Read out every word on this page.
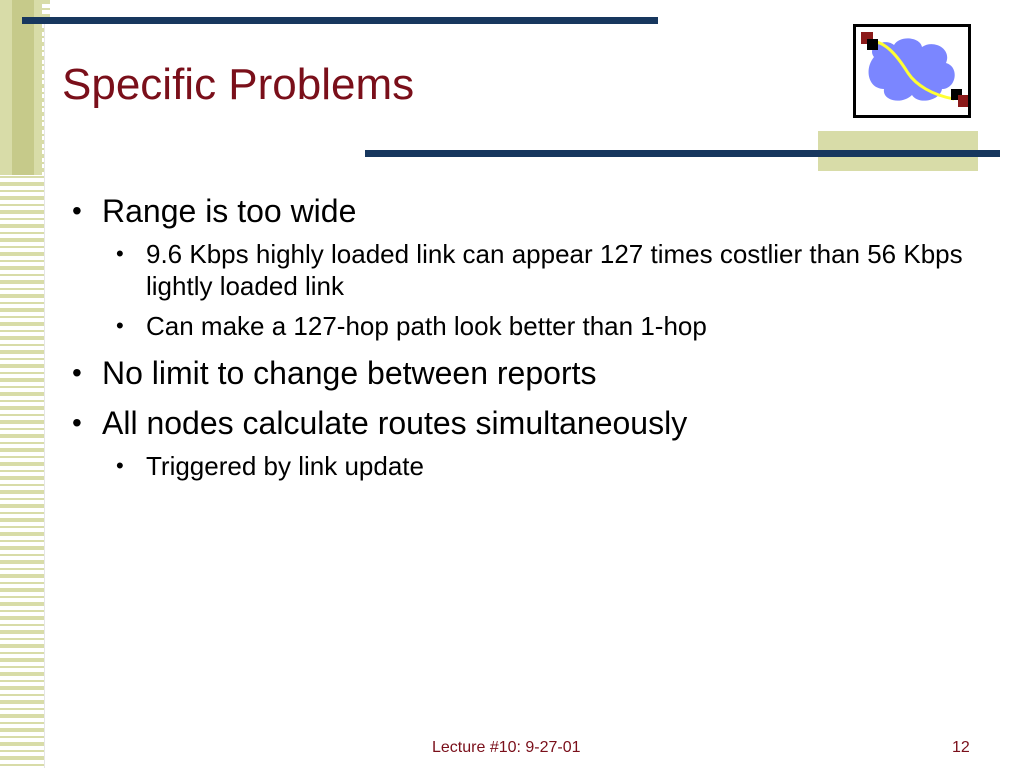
Specific Problems
• Range is too wide
• 9.6 Kbps highly loaded link can appear 127 times costlier than 56 Kbps lightly loaded link
• Can make a 127-hop path look better than 1-hop
• No limit to change between reports
• All nodes calculate routes simultaneously
• Triggered by link update
Lecture #10: 9-27-01	12
